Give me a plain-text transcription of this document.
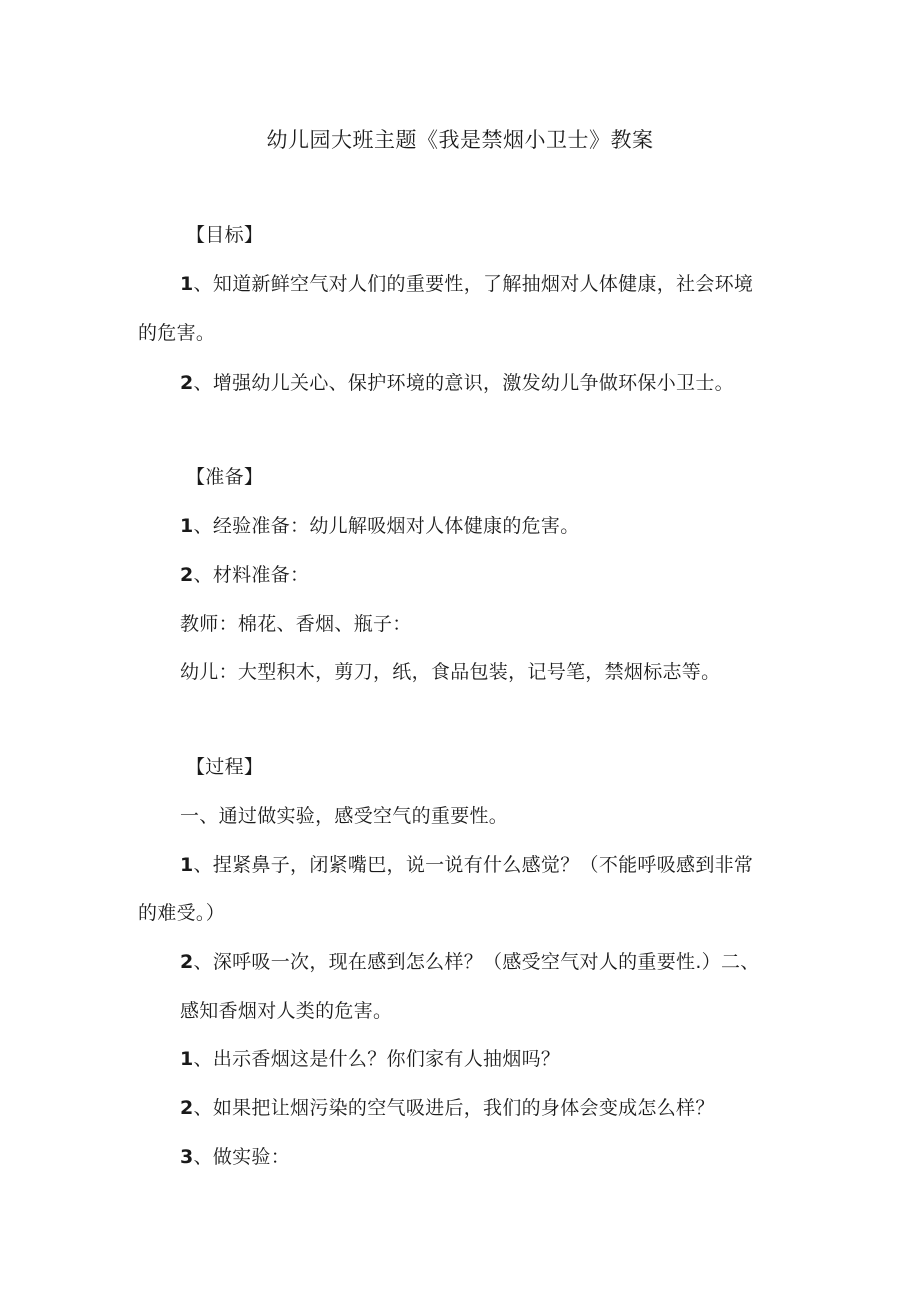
幼儿园大班主题《我是禁烟小卫士》教案
【目标】
1、知道新鲜空气对人们的重要性，了解抽烟对人体健康，社会环境
的危害。
2、增强幼儿关心、保护环境的意识，激发幼儿争做环保小卫士。
【准备】
1、经验准备：幼儿解吸烟对人体健康的危害。
2、材料准备：
教师：棉花、香烟、瓶子：
幼儿：大型积木，剪刀，纸，食品包装，记号笔，禁烟标志等。
【过程】
一、通过做实验，感受空气的重要性。
1、捏紧鼻子，闭紧嘴巴，说一说有什么感觉？（不能呼吸感到非常
的难受。）
2、深呼吸一次，现在感到怎么样？（感受空气对人的重要性.）二、
感知香烟对人类的危害。
1、出示香烟这是什么？你们家有人抽烟吗？
2、如果把让烟污染的空气吸进后，我们的身体会变成怎么样？
3、做实验：
